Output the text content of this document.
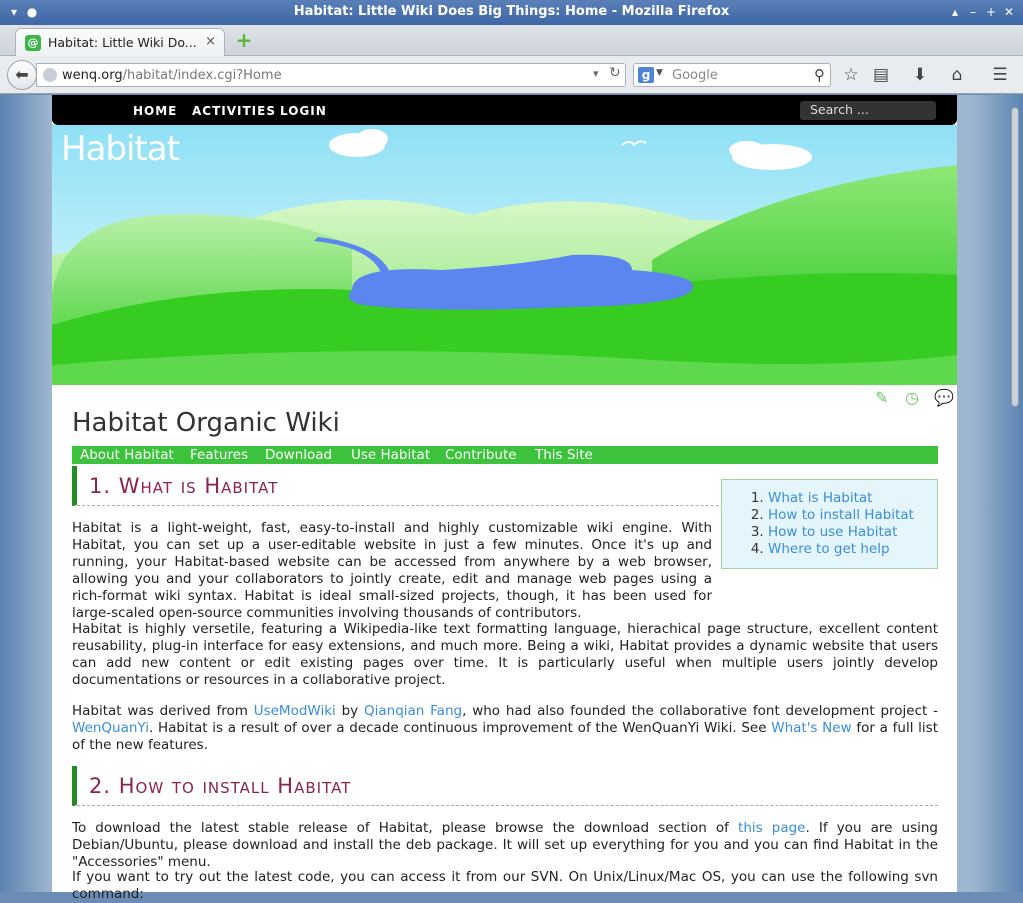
▾ ●	Habitat: Little Wiki Does Big Things: Home - Mozilla Firefox	▴ – + ✕
@ Habitat: Little Wiki Do... × +
wenq.org/habitat/index.cgi?Home	▾ ↻
⬅	g ▼ Google	⚲ ☆ ▤ ⬇	⌂	☰
HOME ACTIVITIES LOGIN	Search ...
Habitat
✎ ◷ 💬
Habitat Organic Wiki
About Habitat Features Download Use Habitat Contribute This Site
1. What is Habitat
1.	What is Habitat
2. How to install Habitat
3. How to use Habitat
4. Where to get help

Habitat is a light-weight, fast, easy-to-install and highly customizable wiki engine. With Habitat, you can set up a user-editable website in just a few minutes. Once it's up and running, your Habitat-based website can be accessed from anywhere by a web browser, allowing you and your collaborators to jointly create, edit and manage web pages using a rich-format wiki syntax. Habitat is ideal small-sized projects, though, it has been used for large-scaled open-source communities involving thousands of contributors.

Habitat is highly versetile, featuring a Wikipedia-like text formatting language, hierachical page structure, excellent content reusability, plug-in interface for easy extensions, and much more. Being a wiki, Habitat provides a dynamic website that users can add new content or edit existing pages over time. It is particularly useful when multiple users jointly develop documentations or resources in a collaborative project.

Habitat was derived from UseModWiki by Qianqian Fang, who had also founded the collaborative font development project - WenQuanYi. Habitat is a result of over a decade continuous improvement of the WenQuanYi Wiki. See What's New for a full list of the new features.

2. How to install Habitat

To download the latest stable release of Habitat, please browse the download section of this page. If you are using Debian/Ubuntu, please download and install the deb package. It will set up everything for you and you can find Habitat in the "Accessories" menu.

If you want to try out the latest code, you can access it from our SVN. On Unix/Linux/Mac OS, you can use the following svn command:
